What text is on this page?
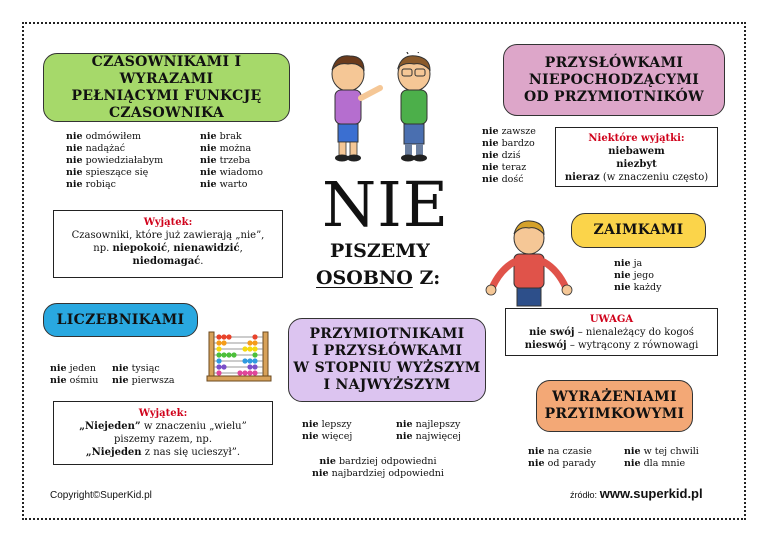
CZASOWNIKAMI I WYRAZAMI
PEŁNIĄCYMI FUNKCJĘ
CZASOWNIKA
nie odmówiłem
nie nadążać
nie powiedziałabym
nie spieszące się
nie robiąc
nie brak
nie można
nie trzeba
nie wiadomo
nie warto
Wyjątek:
Czasowniki, które już zawierają „nie”,
np. niepokoić, nienawidzić,
niedomagać.
LICZEBNIKAMI
nie jeden
nie ośmiu
nie tysiąc
nie pierwsza
Wyjątek:
„Niejeden” w znaczeniu „wielu”
piszemy razem, np.
„Niejeden z nas się ucieszył”.
NIE
PISZEMY
OSOBNO Z:
PRZYMIOTNIKAMI
I PRZYSŁÓWKAMI
W STOPNIU WYŻSZYM
I NAJWYŻSZYM
nie lepszy
nie więcej
nie najlepszy
nie najwięcej
nie bardziej odpowiedni
nie najbardziej odpowiedni
PRZYSŁÓWKAMI
NIEPOCHODZĄCYMI
OD PRZYMIOTNIKÓW
nie zawsze
nie bardzo
nie dziś
nie teraz
nie dość
Niektóre wyjątki:
niebawem
niezbyt
nieraz (w znaczeniu często)
ZAIMKAMI
nie ja
nie jego
nie każdy
UWAGA
nie swój – nienależący do kogoś
nieswój – wytrącony z równowagi
WYRAŻENIAMI
PRZYIMKOWYMI
nie na czasie
nie od parady
nie w tej chwili
nie dla mnie
Copyright©SuperKid.pl	źródło: www.superkid.pl
